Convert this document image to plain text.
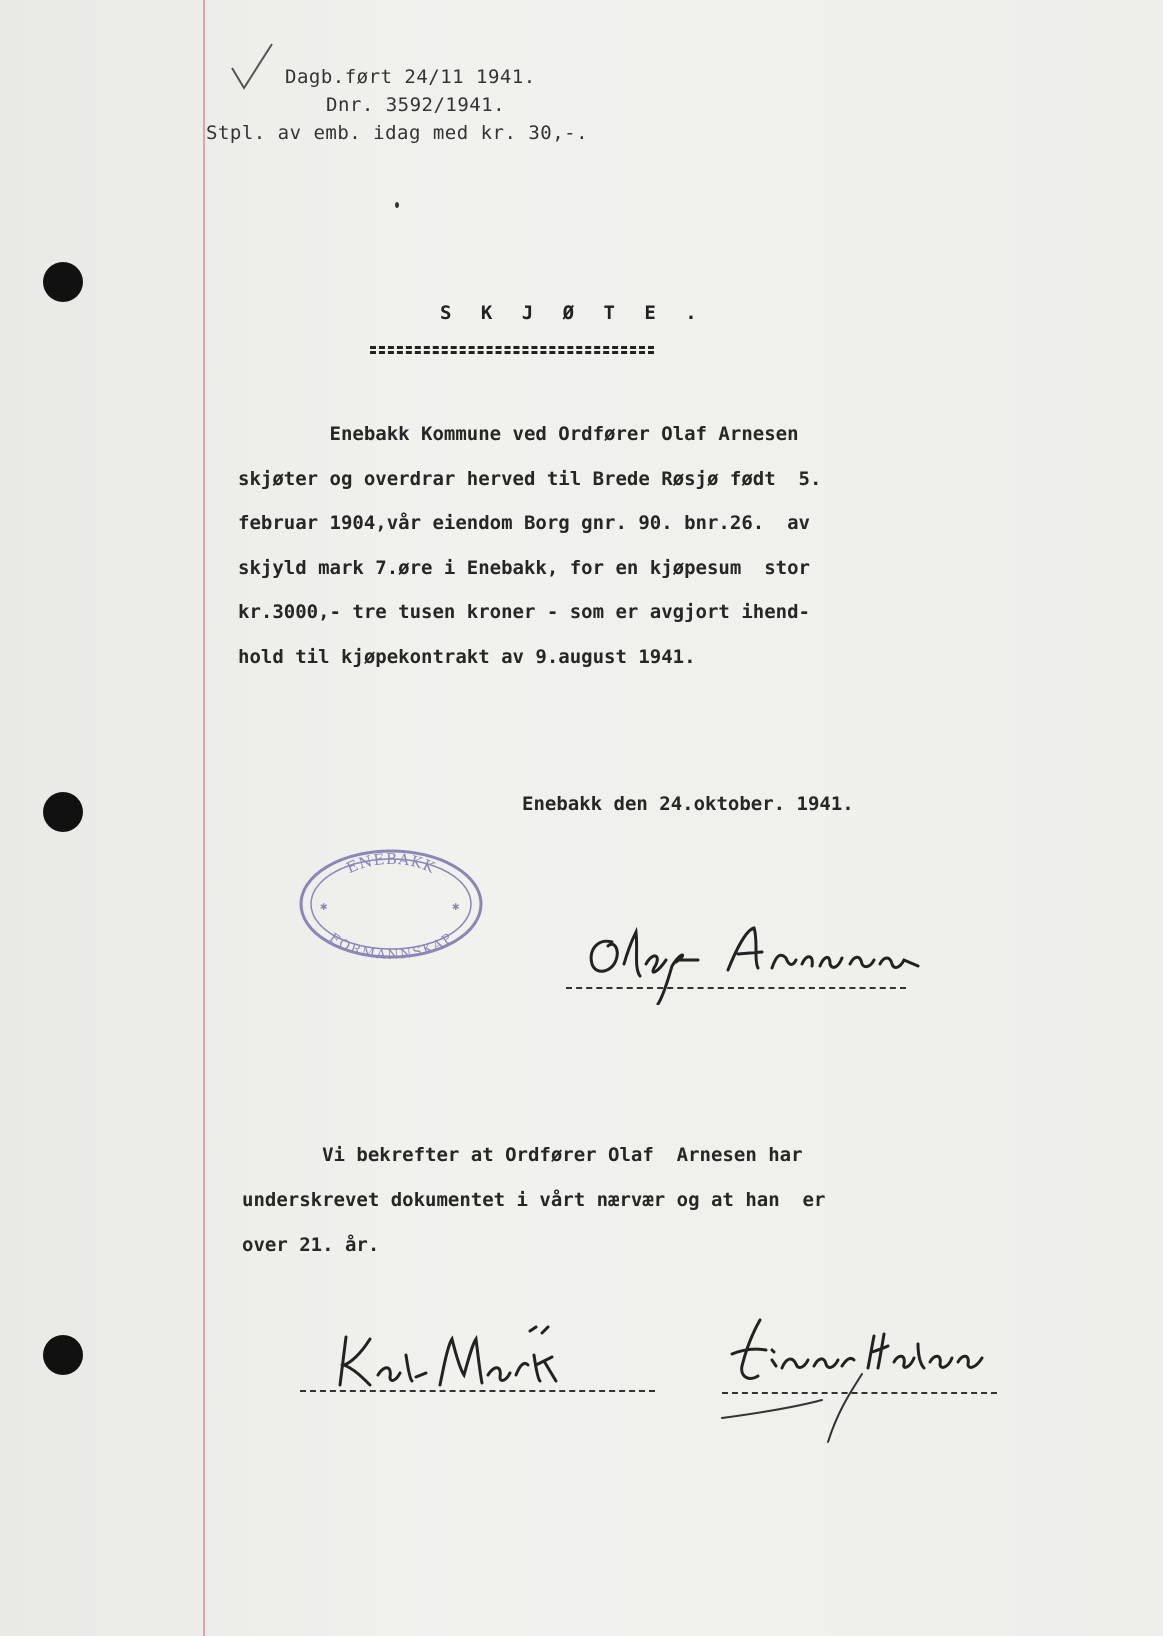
Dagb.ført 24/11 1941.
Dnr. 3592/1941.
Stpl. av emb. idag med kr. 30,-.
S K J Ø T E .
Enebakk Kommune ved Ordfører Olaf Arnesen
skjøter og overdrar herved til Brede Røsjø født  5.
februar 1904,vår eiendom Borg gnr. 90. bnr.26.  av
skjyld mark 7.øre i Enebakk, for en kjøpesum  stor
kr.3000,- tre tusen kroner - som er avgjort ihend-
hold til kjøpekontrakt av 9.august 1941.
Enebakk den 24.oktober. 1941.
ENEBAKK
FORMANNSKAP
✱	✱
Vi bekrefter at Ordfører Olaf  Arnesen har
underskrevet dokumentet i vårt nærvær og at han  er
over 21. år.
